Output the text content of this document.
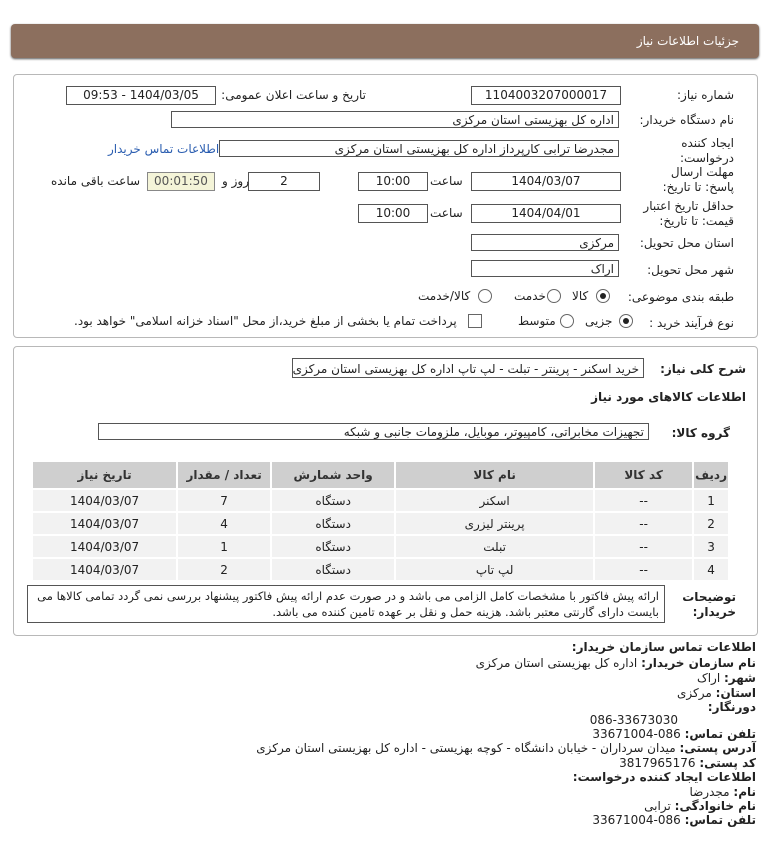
جزئیات اطلاعات نیاز
شماره نیاز:
1104003207000017
تاریخ و ساعت اعلان عمومی:
1404/03/05 - 09:53
نام دستگاه خریدار:
اداره کل بهزیستی استان مرکزی
ایجاد کننده درخواست:
مجدرضا ترابی کارپرداز اداره کل بهزیستی استان مرکزی
اطلاعات تماس خریدار
مهلت ارسال پاسخ: تا تاریخ:
1404/03/07
ساعت
10:00
2
روز و
00:01:50
ساعت باقی مانده
حداقل تاریخ اعتبار قیمت: تا تاریخ:
1404/04/01
ساعت
10:00
استان محل تحویل:
مرکزی
شهر محل تحویل:
اراک
طبقه بندی موضوعی:
کالا
خدمت
کالا/خدمت
نوع فرآیند خرید :
جزیی
متوسط
پرداخت تمام یا بخشی از مبلغ خرید،از محل "اسناد خزانه اسلامی" خواهد بود.
شرح کلی نیاز:
خرید اسکنر - پرینتر - تبلت - لپ تاپ اداره کل بهزیستی استان مرکزی
اطلاعات کالاهای مورد نیاز
گروه کالا:
تجهیزات مخابراتی، کامپیوتر، موبایل، ملزومات جانبی و شبکه
ردیف	کد کالا	نام کالا	واحد شمارش	تعداد / مقدار	تاریخ نیاز
1	--	اسکنر	دستگاه	7	1404/03/07
2	--	پرینتر لیزری	دستگاه	4	1404/03/07
3	--	تبلت	دستگاه	1	1404/03/07
4	--	لپ تاپ	دستگاه	2	1404/03/07
توضیحات خریدار:
ارائه پیش فاکتور با مشخصات کامل الزامی می باشد و در صورت عدم ارائه پیش فاکتور پیشنهاد بررسی نمی گردد تمامی کالاها می بایست دارای گارنتی معتبر باشد. هزینه حمل و نقل بر عهده تامین کننده می باشد.
اطلاعات تماس سازمان خریدار:
نام سازمان خریدار: اداره کل بهزیستی استان مرکزی
شهر: اراک
استان: مرکزی
دورنگار:
086-33673030
تلفن تماس: 086-33671004
آدرس پستی: میدان سرداران - خیابان دانشگاه - کوچه بهزیستی - اداره کل بهزیستی استان مرکزی
کد پستی: 3817965176
اطلاعات ایجاد کننده درخواست:
نام: مجدرضا
نام خانوادگی: ترابی
تلفن تماس: 086-33671004
